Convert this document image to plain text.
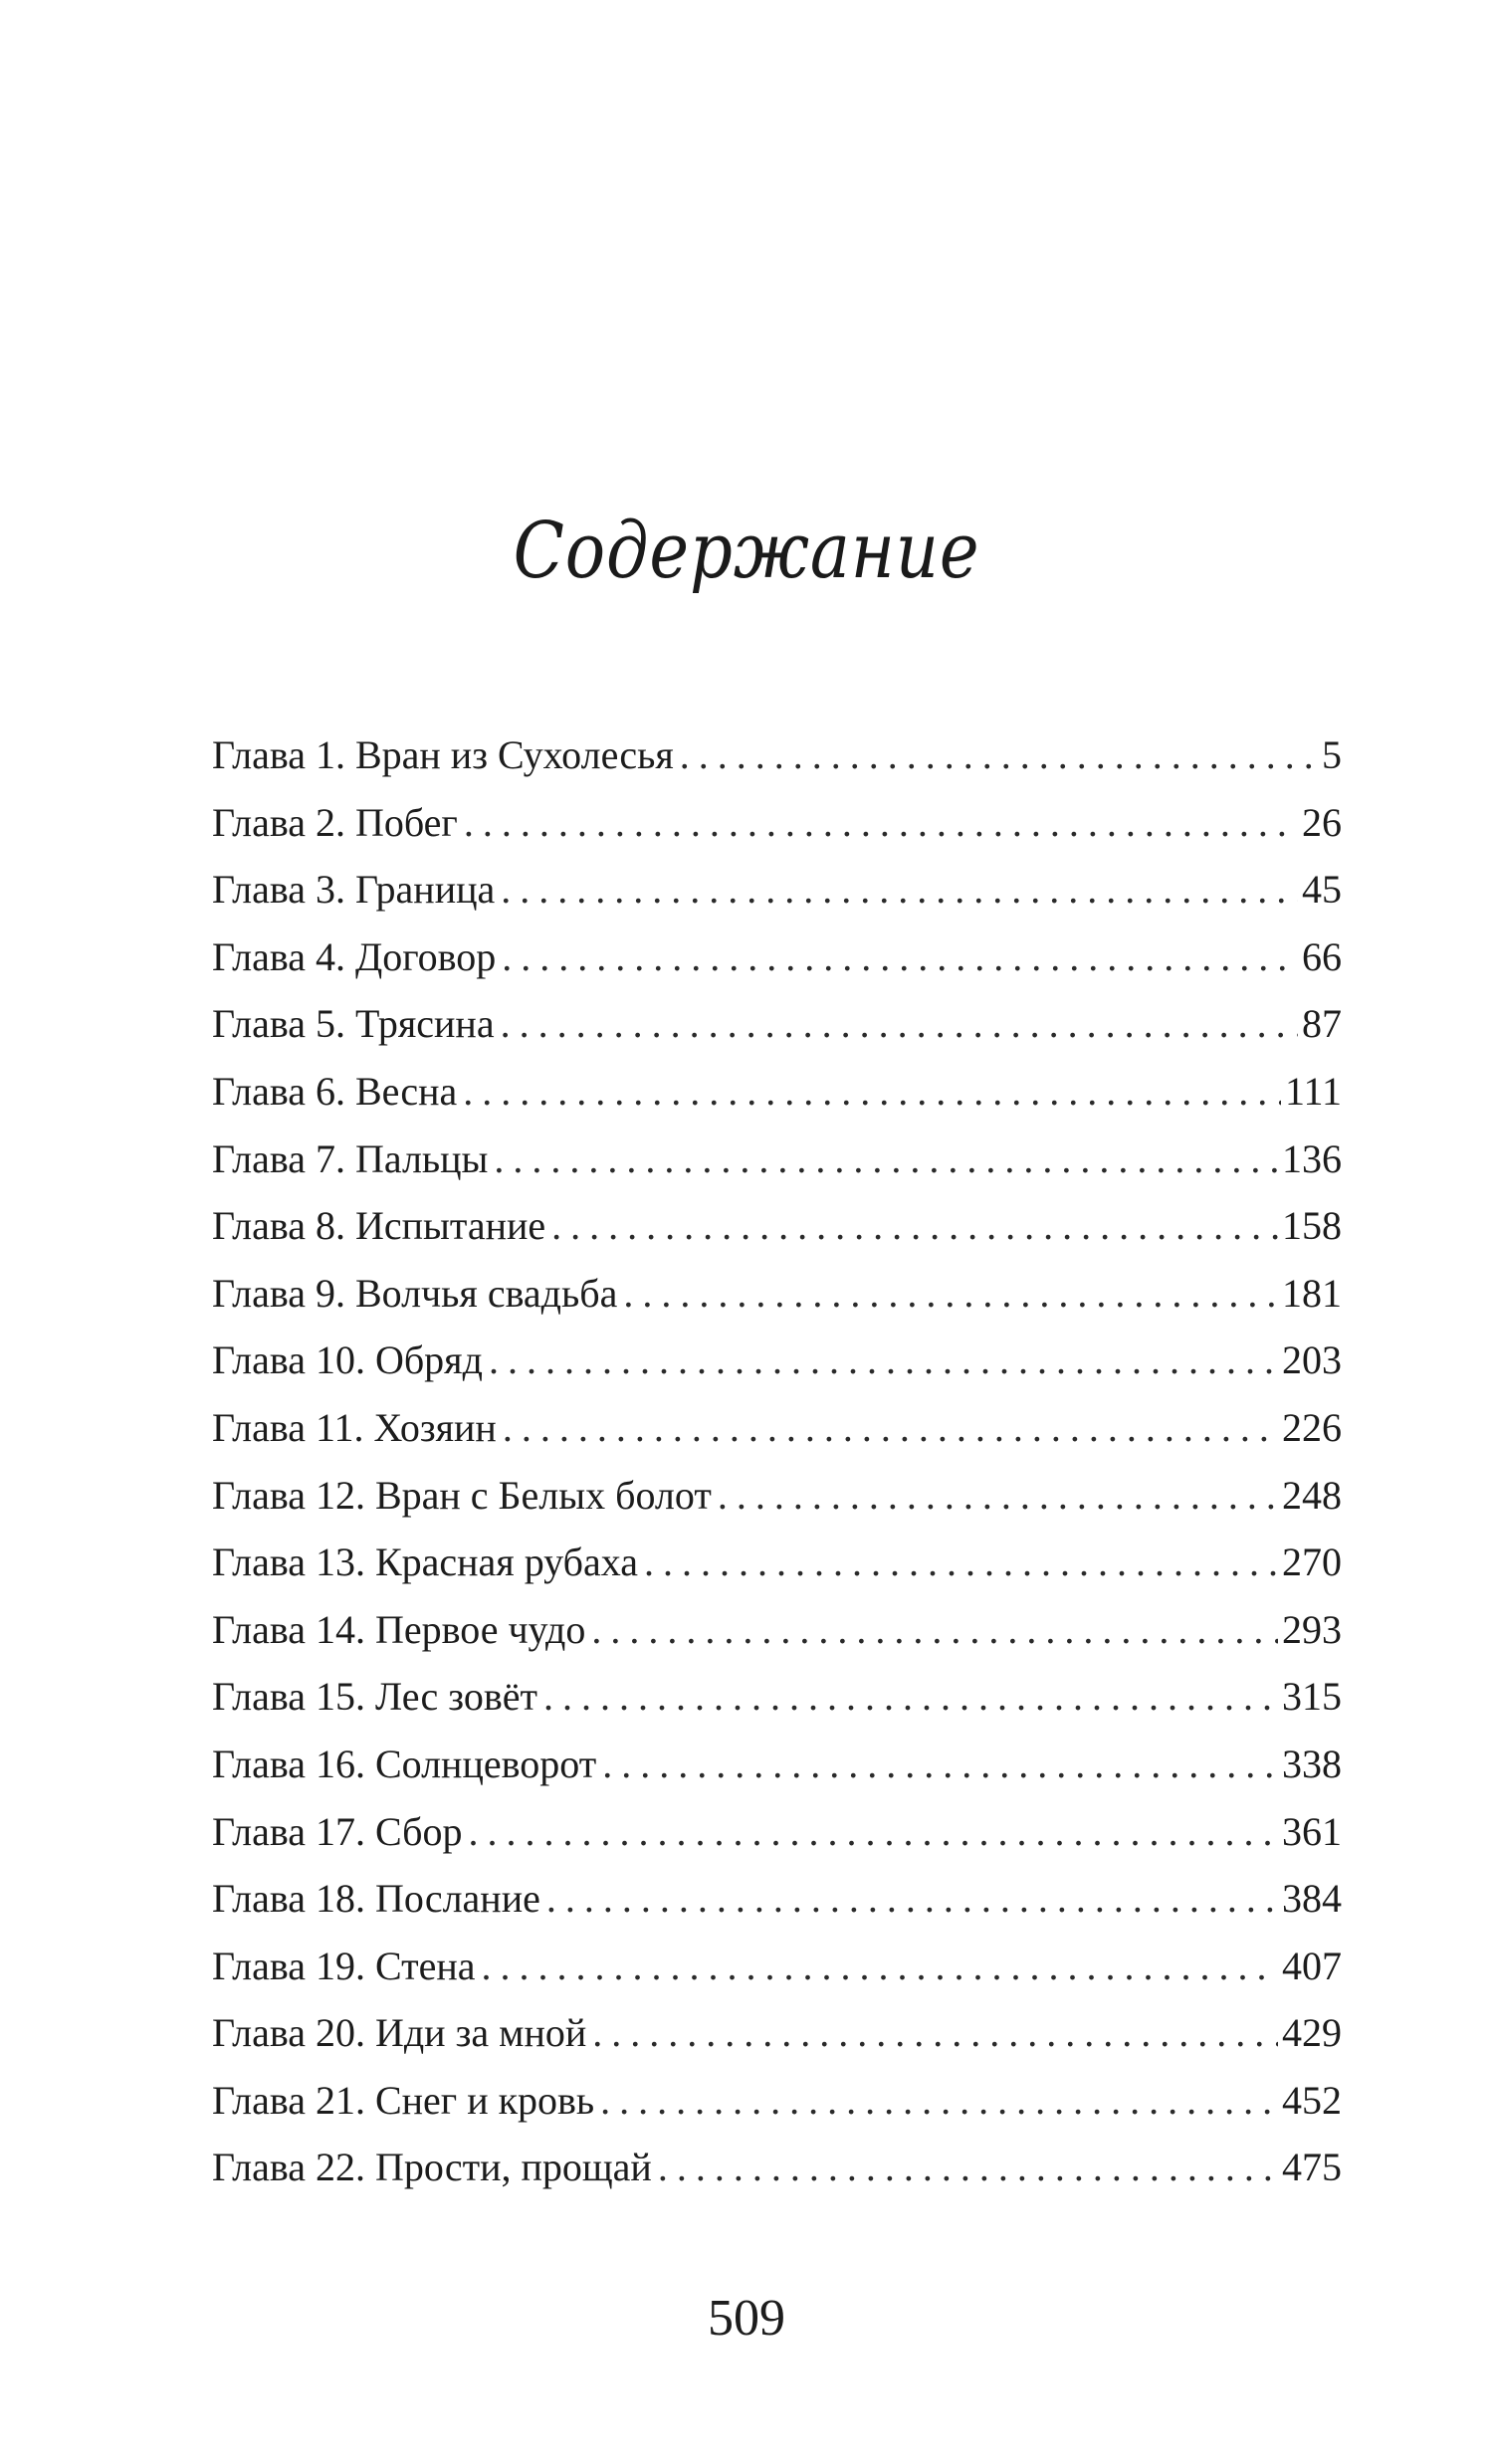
Содержание
Глава 1. Вран из Сухолесья . . .	5
Глава 2. Побег . . .	26
Глава 3. Граница . . .	45
Глава 4. Договор . . .	66
Глава 5. Трясина . . .	87
Глава 6. Весна . . .	111
Глава 7. Пальцы . . .	136
Глава 8. Испытание . . .	158
Глава 9. Волчья свадьба . . .	181
Глава 10. Обряд . . .	203
Глава 11. Хозяин . . .	226
Глава 12. Вран с Белых болот . . .	248
Глава 13. Красная рубаха . . .	270
Глава 14. Первое чудо . . .	293
Глава 15. Лес зовёт . . .	315
Глава 16. Солнцеворот . . .	338
Глава 17. Сбор . . .	361
Глава 18. Послание . . .	384
Глава 19. Стена . . .	407
Глава 20. Иди за мной . . .	429
Глава 21. Снег и кровь . . .	452
Глава 22. Прости, прощай . . .	475
509
